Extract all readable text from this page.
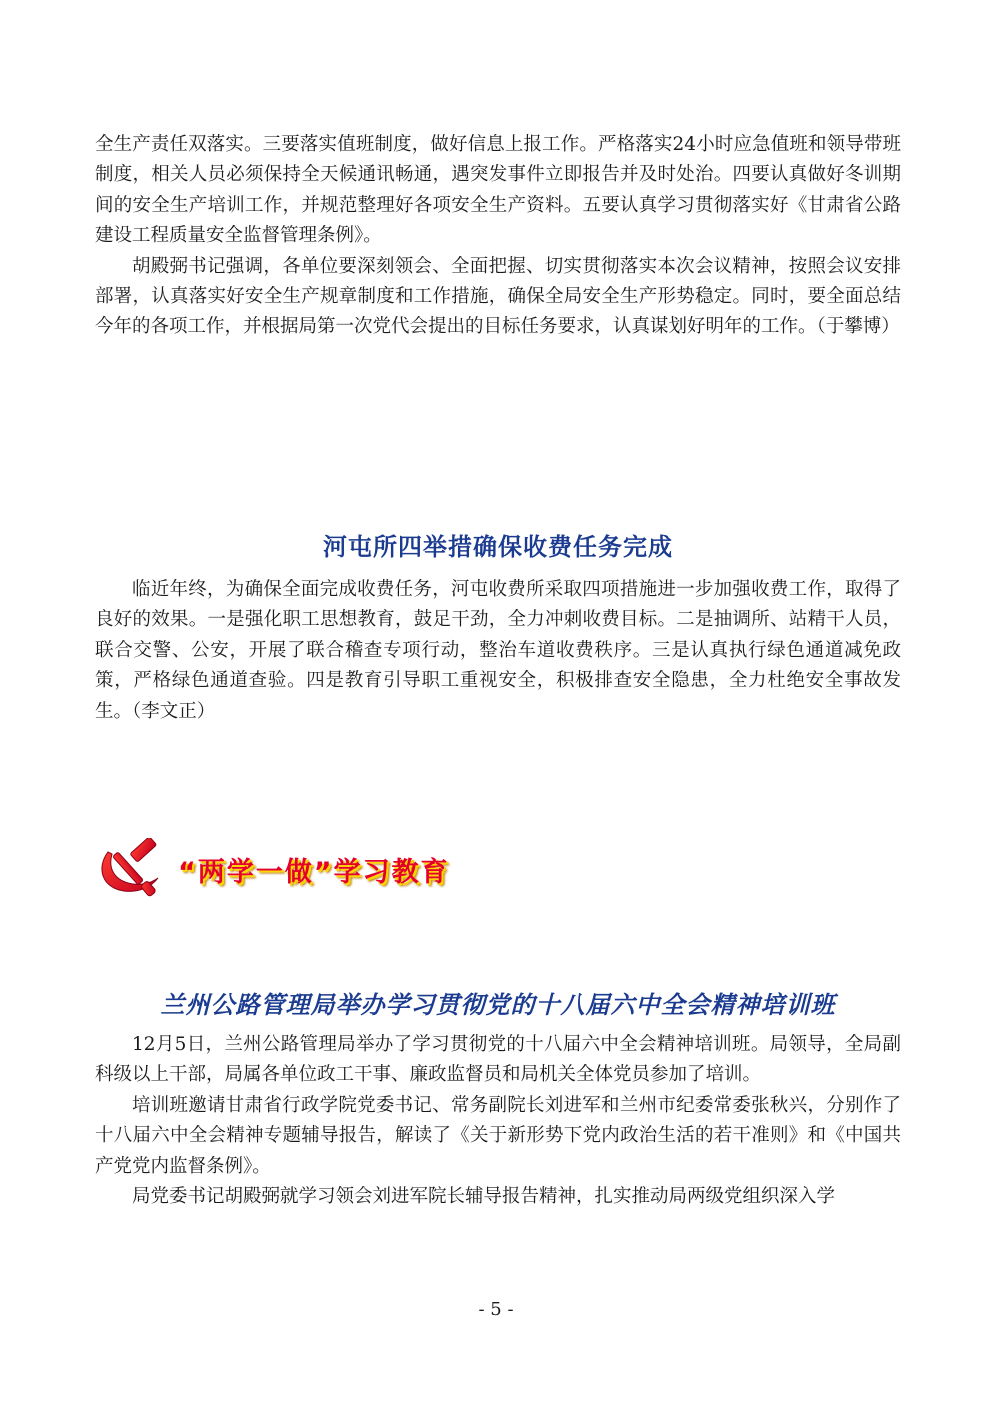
全生产责任双落实。三要落实值班制度，做好信息上报工作。严格落实24小时应急值班和领导带班制度，相关人员必须保持全天候通讯畅通，遇突发事件立即报告并及时处治。四要认真做好冬训期间的安全生产培训工作，并规范整理好各项安全生产资料。五要认真学习贯彻落实好《甘肃省公路建设工程质量安全监督管理条例》。

胡殿弼书记强调，各单位要深刻领会、全面把握、切实贯彻落实本次会议精神，按照会议安排部署，认真落实好安全生产规章制度和工作措施，确保全局安全生产形势稳定。同时，要全面总结今年的各项工作，并根据局第一次党代会提出的目标任务要求，认真谋划好明年的工作。（于攀博）

河屯所四举措确保收费任务完成

临近年终，为确保全面完成收费任务，河屯收费所采取四项措施进一步加强收费工作，取得了良好的效果。一是强化职工思想教育，鼓足干劲，全力冲刺收费目标。二是抽调所、站精干人员，联合交警、公安，开展了联合稽查专项行动，整治车道收费秩序。三是认真执行绿色通道减免政策，严格绿色通道查验。四是教育引导职工重视安全，积极排查安全隐患，全力杜绝安全事故发生。（李文正）

“两学一做”学习教育
兰州公路管理局举办学习贯彻党的十八届六中全会精神培训班

12月5日，兰州公路管理局举办了学习贯彻党的十八届六中全会精神培训班。局领导，全局副科级以上干部，局属各单位政工干事、廉政监督员和局机关全体党员参加了培训。

培训班邀请甘肃省行政学院党委书记、常务副院长刘进军和兰州市纪委常委张秋兴，分别作了十八届六中全会精神专题辅导报告，解读了《关于新形势下党内政治生活的若干准则》和《中国共产党党内监督条例》。

局党委书记胡殿弼就学习领会刘进军院长辅导报告精神，扎实推动局两级党组织深入学

- 5 -
